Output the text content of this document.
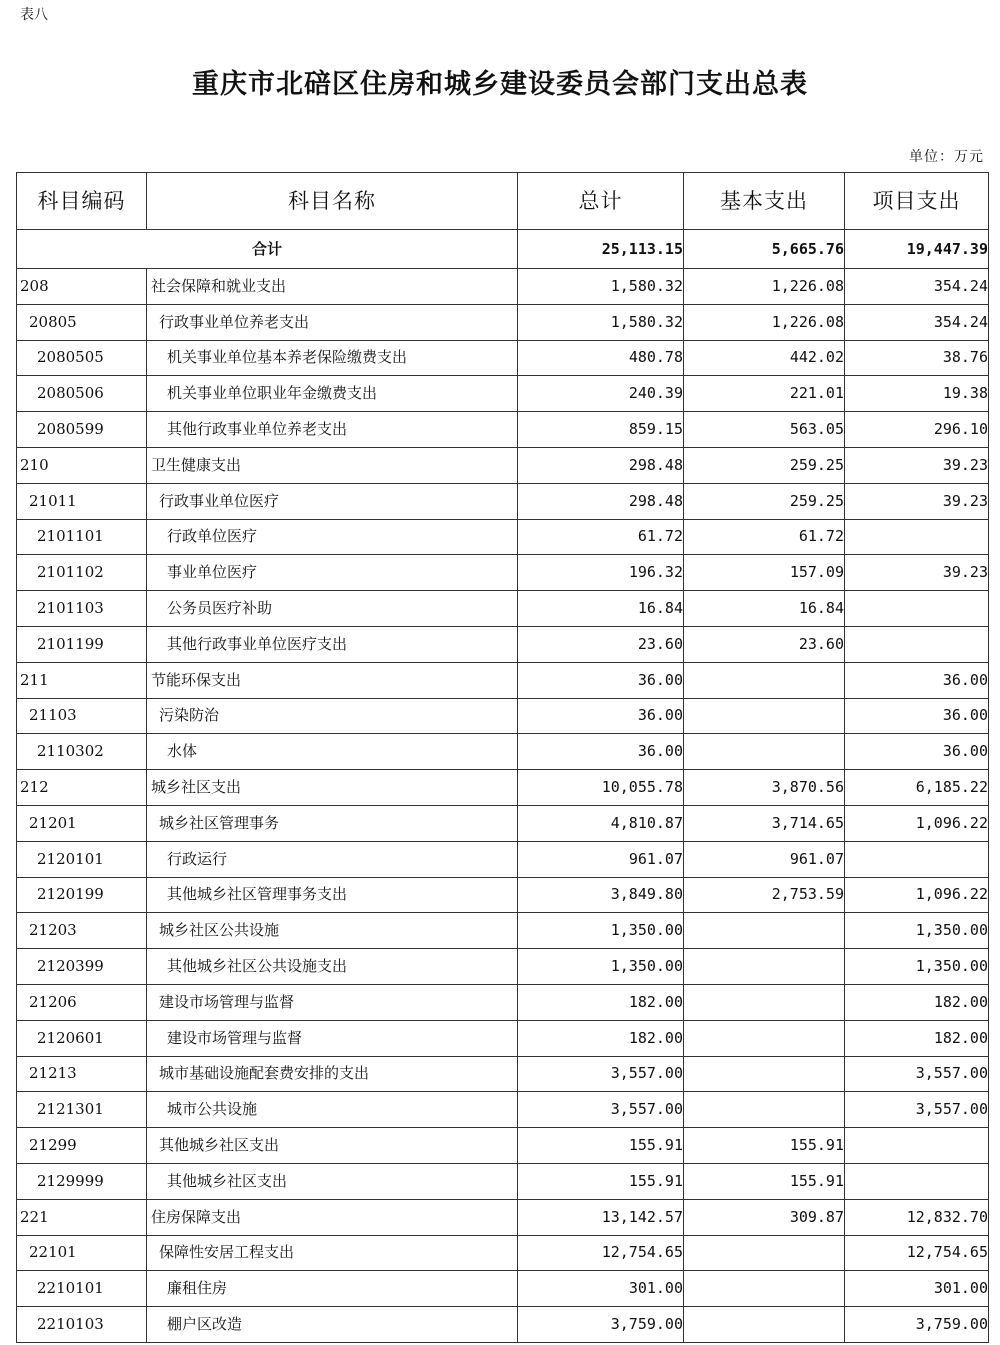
表八
重庆市北碚区住房和城乡建设委员会部门支出总表
单位：万元
科目编码	科目名称	总计	基本支出	项目支出
合计		25,113.15	5,665.76	19,447.39
208	社会保障和就业支出	1,580.32	1,226.08	354.24
20805	行政事业单位养老支出	1,580.32	1,226.08	354.24
2080505	机关事业单位基本养老保险缴费支出	480.78	442.02	38.76
2080506	机关事业单位职业年金缴费支出	240.39	221.01	19.38
2080599	其他行政事业单位养老支出	859.15	563.05	296.10
210	卫生健康支出	298.48	259.25	39.23
21011	行政事业单位医疗	298.48	259.25	39.23
2101101	行政单位医疗	61.72	61.72	
2101102	事业单位医疗	196.32	157.09	39.23
2101103	公务员医疗补助	16.84	16.84	
2101199	其他行政事业单位医疗支出	23.60	23.60	
211	节能环保支出	36.00		36.00
21103	污染防治	36.00		36.00
2110302	水体	36.00		36.00
212	城乡社区支出	10,055.78	3,870.56	6,185.22
21201	城乡社区管理事务	4,810.87	3,714.65	1,096.22
2120101	行政运行	961.07	961.07	
2120199	其他城乡社区管理事务支出	3,849.80	2,753.59	1,096.22
21203	城乡社区公共设施	1,350.00		1,350.00
2120399	其他城乡社区公共设施支出	1,350.00		1,350.00
21206	建设市场管理与监督	182.00		182.00
2120601	建设市场管理与监督	182.00		182.00
21213	城市基础设施配套费安排的支出	3,557.00		3,557.00
2121301	城市公共设施	3,557.00		3,557.00
21299	其他城乡社区支出	155.91	155.91	
2129999	其他城乡社区支出	155.91	155.91	
221	住房保障支出	13,142.57	309.87	12,832.70
22101	保障性安居工程支出	12,754.65		12,754.65
2210101	廉租住房	301.00		301.00
2210103	棚户区改造	3,759.00		3,759.00
